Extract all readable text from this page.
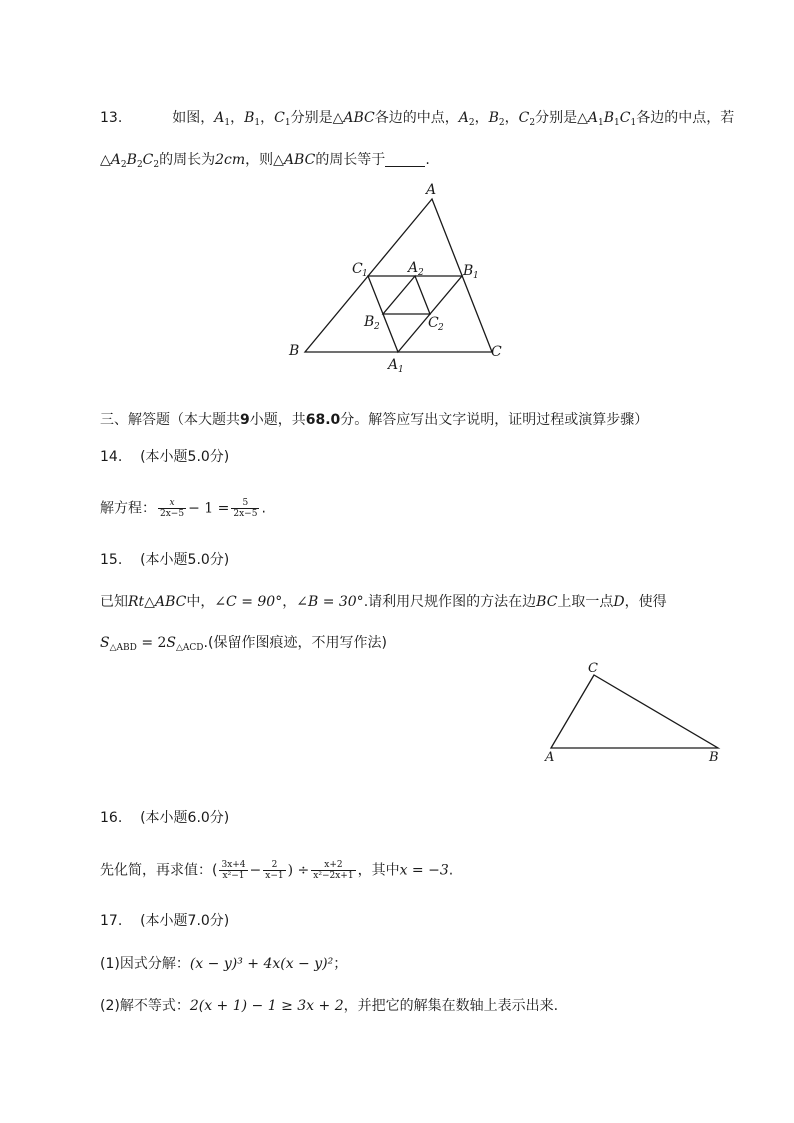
13.	如图，$A_1$，$B_1$，$C_1$分别是△ABC各边的中点，$A_2$，$B_2$，$C_2$分别是$\triangle A_1B_1C_1$各边的中点，若
$\triangle A_2B_2C_2$的周长为2cm，则△ABC的周长等于	.
A
B	C
C 1	A 2	B 1
B 2	C 2
A 1
三、解答题（本大题共9小题，共68.0分。解答应写出文字说明，证明过程或演算步骤）
14. (本小题5.0分)
解方程： $\frac{x}{2x-5} - 1 = \frac{5}{2x-5}$ .
15. (本小题5.0分)
已知Rt△ABC中，∠C = 90°，∠B = 30°.请利用尺规作图的方法在边BC上取一点D，使得
$S_{\triangle ABD} = 2S_{\triangle ACD}$.(保留作图痕迹，不用写作法)
C
A	B
16. (本小题6.0分)
先化简，再求值：( $\frac{3x+4}{\text{x²−1}} - \frac{2}{x-1}$ ) ÷ $\frac{x+2}{\text{x²−2x+1}}$ ，其中x = −3.
17. (本小题7.0分)
(1)因式分解：(x − y)³ + 4x(x − y)²；
(2)解不等式：2(x + 1) − 1 ≥ 3x + 2，并把它的解集在数轴上表示出来.
